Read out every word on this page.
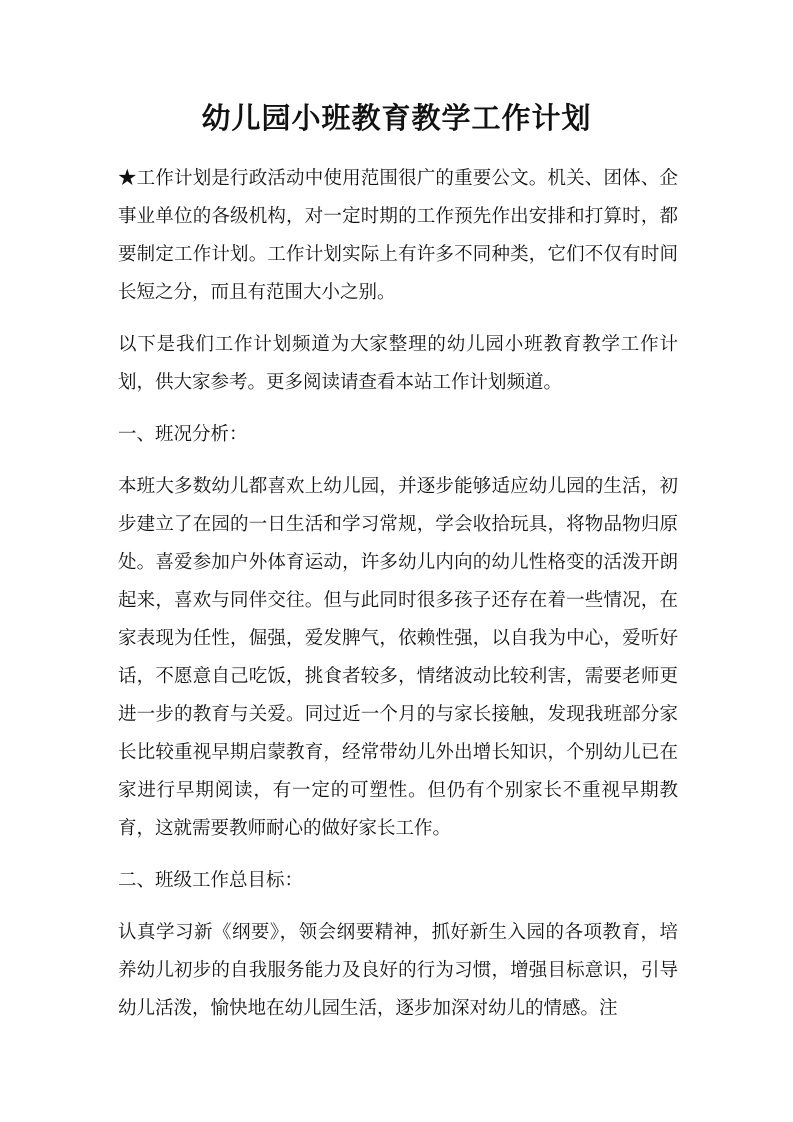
幼儿园小班教育教学工作计划

★工作计划是行政活动中使用范围很广的重要公文。机关、团体、企事业单位的各级机构，对一定时期的工作预先作出安排和打算时，都要制定工作计划。工作计划实际上有许多不同种类，它们不仅有时间长短之分，而且有范围大小之别。

以下是我们工作计划频道为大家整理的幼儿园小班教育教学工作计划，供大家参考。更多阅读请查看本站工作计划频道。

一、班况分析：

本班大多数幼儿都喜欢上幼儿园，并逐步能够适应幼儿园的生活，初步建立了在园的一日生活和学习常规，学会收拾玩具，将物品物归原处。喜爱参加户外体育运动，许多幼儿内向的幼儿性格变的活泼开朗起来，喜欢与同伴交往。但与此同时很多孩子还存在着一些情况，在家表现为任性，倔强，爱发脾气，依赖性强，以自我为中心，爱听好话，不愿意自己吃饭，挑食者较多，情绪波动比较利害，需要老师更进一步的教育与关爱。同过近一个月的与家长接触，发现我班部分家长比较重视早期启蒙教育，经常带幼儿外出增长知识，个别幼儿已在家进行早期阅读，有一定的可塑性。但仍有个别家长不重视早期教育，这就需要教师耐心的做好家长工作。

二、班级工作总目标：

认真学习新《纲要》，领会纲要精神，抓好新生入园的各项教育，培养幼儿初步的自我服务能力及良好的行为习惯，增强目标意识，引导幼儿活泼，愉快地在幼儿园生活，逐步加深对幼儿的情感。注
